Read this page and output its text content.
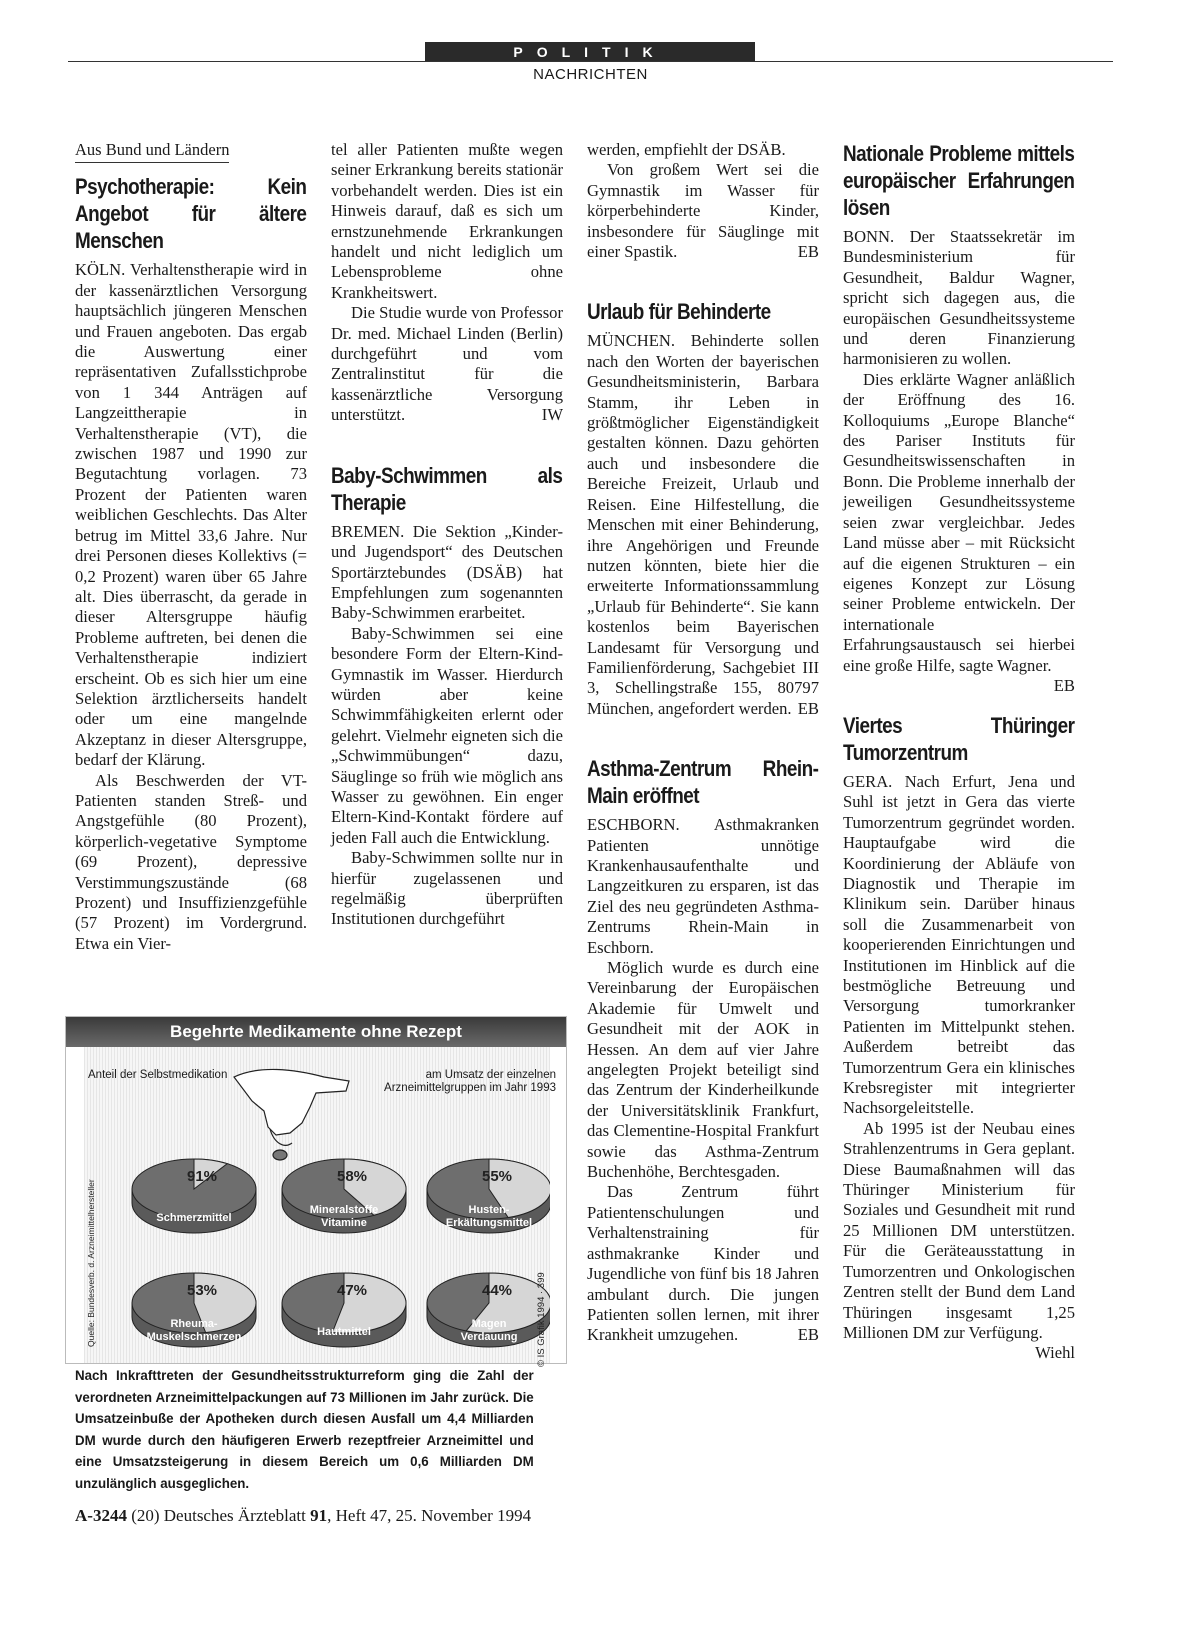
POLITIK
NACHRICHTEN
Aus Bund und Ländern
Psychotherapie: Kein Angebot für ältere Menschen

KÖLN. Verhaltenstherapie wird in der kassenärztlichen Versorgung hauptsächlich jüngeren Menschen und Frauen angeboten. Das ergab die Auswertung einer repräsentativen Zufallsstichprobe von 1 344 Anträgen auf Langzeittherapie in Verhaltenstherapie (VT), die zwischen 1987 und 1990 zur Begutachtung vorlagen. 73 Prozent der Patienten waren weiblichen Geschlechts. Das Alter betrug im Mittel 33,6 Jahre. Nur drei Personen dieses Kollektivs (= 0,2 Prozent) waren über 65 Jahre alt. Dies überrascht, da gerade in dieser Altersgruppe häufig Probleme auftreten, bei denen die Verhaltenstherapie indiziert erscheint. Ob es sich hier um eine Selektion ärztlicherseits handelt oder um eine mangelnde Akzeptanz in dieser Altersgruppe, bedarf der Klärung.

Als Beschwerden der VT-Patienten standen Streß- und Angstgefühle (80 Prozent), körperlich-vegetative Symptome (69 Prozent), depressive Verstimmungszustände (68 Prozent) und Insuffizienzgefühle (57 Prozent) im Vordergrund. Etwa ein Vier-

tel aller Patienten mußte wegen seiner Erkrankung bereits stationär vorbehandelt werden. Dies ist ein Hinweis darauf, daß es sich um ernstzunehmende Erkrankungen handelt und nicht lediglich um Lebensprobleme ohne Krankheitswert.

Die Studie wurde von Professor Dr. med. Michael Linden (Berlin) durchgeführt und vom Zentralinstitut für die kassenärztliche Versorgung unterstützt.	IW

Baby-Schwimmen als Therapie

BREMEN. Die Sektion „Kinder- und Jugendsport“ des Deutschen Sportärztebundes (DSÄB) hat Empfehlungen zum sogenannten Baby-Schwimmen erarbeitet.

Baby-Schwimmen sei eine besondere Form der Eltern-Kind-Gymnastik im Wasser. Hierdurch würden aber keine Schwimmfähigkeiten erlernt oder gelehrt. Vielmehr eigneten sich die „Schwimmübungen“ dazu, Säuglinge so früh wie möglich ans Wasser zu gewöhnen. Ein enger Eltern-Kind-Kontakt fördere auf jeden Fall auch die Entwicklung.

Baby-Schwimmen sollte nur in hierfür zugelassenen und regelmäßig überprüften Institutionen durchgeführt

werden, empfiehlt der DSÄB.

Von großem Wert sei die Gymnastik im Wasser für körperbehinderte Kinder, insbesondere für Säuglinge mit einer Spastik.	EB

Urlaub für Behinderte

MÜNCHEN. Behinderte sollen nach den Worten der bayerischen Gesundheitsministerin, Barbara Stamm, ihr Leben in größtmöglicher Eigenständigkeit gestalten können. Dazu gehörten auch und insbesondere die Bereiche Freizeit, Urlaub und Reisen. Eine Hilfestellung, die Menschen mit einer Behinderung, ihre Angehörigen und Freunde nutzen könnten, biete hier die erweiterte Informationssammlung „Urlaub für Behinderte“. Sie kann kostenlos beim Bayerischen Landesamt für Versorgung und Familienförderung, Sachgebiet III 3, Schellingstraße 155, 80797 München, angefordert werden. EB

Asthma-Zentrum Rhein-Main eröffnet

ESCHBORN. Asthmakranken Patienten unnötige Krankenhausaufenthalte und Langzeitkuren zu ersparen, ist das Ziel des neu gegründeten Asthma-Zentrums Rhein-Main in Eschborn.

Möglich wurde es durch eine Vereinbarung der Europäischen Akademie für Umwelt und Gesundheit mit der AOK in Hessen. An dem auf vier Jahre angelegten Projekt beteiligt sind das Zentrum der Kinderheilkunde der Universitätsklinik Frankfurt, das Clementine-Hospital Frankfurt sowie das Asthma-Zentrum Buchenhöhe, Berchtesgaden.

Das Zentrum führt Patientenschulungen und Verhaltenstraining für asthmakranke Kinder und Jugendliche von fünf bis 18 Jahren ambulant durch. Die jungen Patienten sollen lernen, mit ihrer Krankheit umzugehen.	EB

Nationale Probleme mittels europäischer Erfahrungen lösen

BONN. Der Staatssekretär im Bundesministerium für Gesundheit, Baldur Wagner, spricht sich dagegen aus, die europäischen Gesundheitssysteme und deren Finanzierung harmonisieren zu wollen.

Dies erklärte Wagner anläßlich der Eröffnung des 16. Kolloquiums „Europe Blanche“ des Pariser Instituts für Gesundheitswissenschaften in Bonn. Die Probleme innerhalb der jeweiligen Gesundheitssysteme seien zwar vergleichbar. Jedes Land müsse aber – mit Rücksicht auf die eigenen Strukturen – ein eigenes Konzept zur Lösung seiner Probleme entwickeln. Der internationale Erfahrungsaustausch sei hierbei eine große Hilfe, sagte Wagner.
EB

Viertes Thüringer Tumorzentrum

GERA. Nach Erfurt, Jena und Suhl ist jetzt in Gera das vierte Tumorzentrum gegründet worden. Hauptaufgabe wird die Koordinierung der Abläufe von Diagnostik und Therapie im Klinikum sein. Darüber hinaus soll die Zusammenarbeit von kooperierenden Einrichtungen und Institutionen im Hinblick auf die bestmögliche Betreuung und Versorgung tumorkranker Patienten im Mittelpunkt stehen. Außerdem betreibt das Tumorzentrum Gera ein klinisches Krebsregister mit integrierter Nachsorgeleitstelle.

Ab 1995 ist der Neubau eines Strahlenzentrums in Gera geplant. Diese Baumaßnahmen will das Thüringer Ministerium für Soziales und Gesundheit mit rund 25 Millionen DM unterstützen. Für die Geräteausstattung in Tumorzentren und Onkologischen Zentren stellt der Bund dem Land Thüringen insgesamt 1,25 Millionen DM zur Verfügung.
Wiehl

Begehrte Medikamente ohne Rezept
Anteil der Selbstmedikation	am Umsatz der einzelnen Arzneimittelgruppen im Jahr 1993
91%
Schmerzmittel
58%
Mineralstoffe
Vitamine
55%
Husten-
Erkältungsmittel
53%
Rheuma-
Muskelschmerzen
47%
Hautmittel
44%
Magen
Verdauung
Quelle: Bundesverb. d. Arzneimittelhersteller	© IS Grafik 1994 · 399
Nach Inkrafttreten der Gesundheitsstrukturreform ging die Zahl der verordneten Arzneimittelpackungen auf 73 Millionen im Jahr zurück. Die Umsatzeinbuße der Apotheken durch diesen Ausfall um 4,4 Milliarden DM wurde durch den häufigeren Erwerb rezeptfreier Arzneimittel und eine Umsatzsteigerung in diesem Bereich um 0,6 Milliarden DM unzulänglich ausgeglichen.
A-3244 (20) Deutsches Ärzteblatt 91, Heft 47, 25. November 1994
